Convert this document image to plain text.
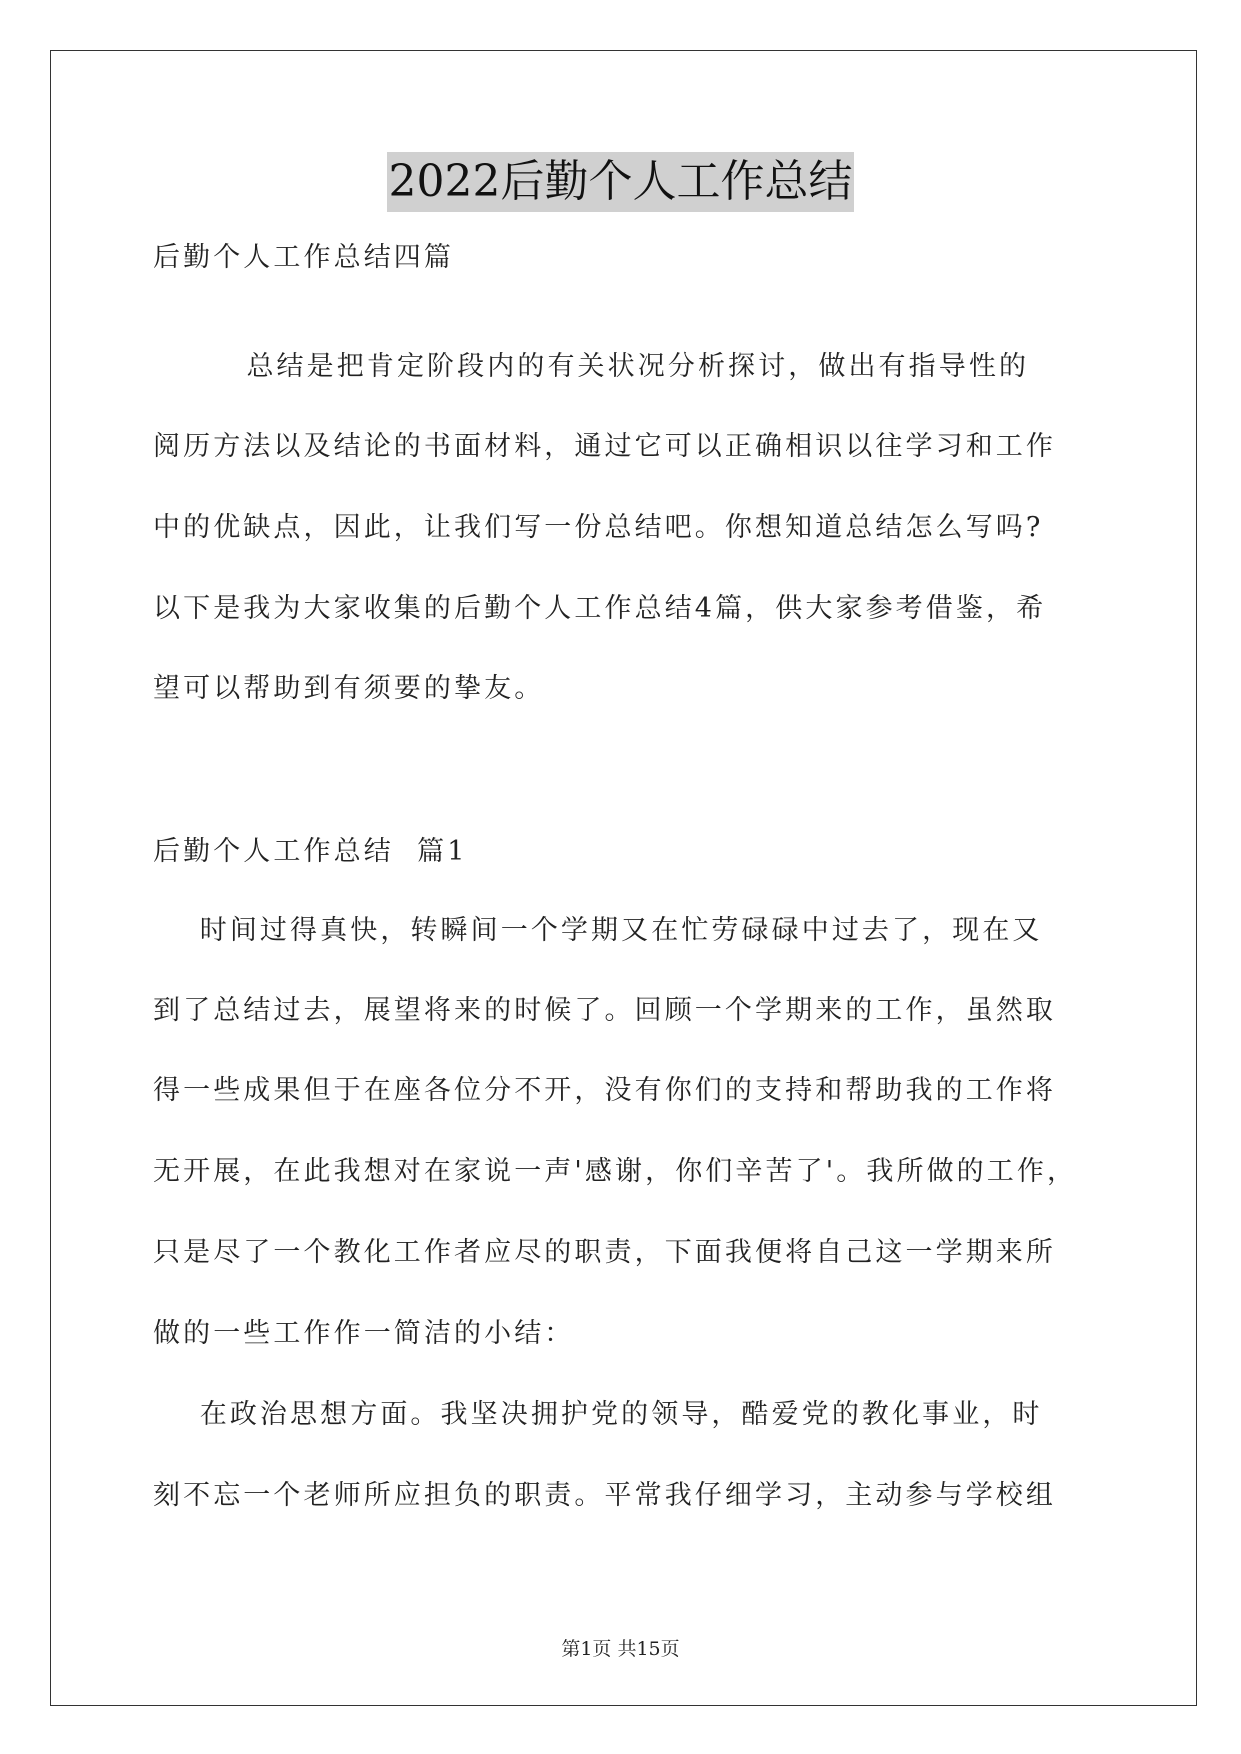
2022后勤个人工作总结
后勤个人工作总结四篇
总结是把肯定阶段内的有关状况分析探讨，做出有指导性的
阅历方法以及结论的书面材料，通过它可以正确相识以往学习和工作
中的优缺点，因此，让我们写一份总结吧。你想知道总结怎么写吗?
以下是我为大家收集的后勤个人工作总结4篇，供大家参考借鉴，希
望可以帮助到有须要的挚友。
后勤个人工作总结  篇1
时间过得真快，转瞬间一个学期又在忙劳碌碌中过去了，现在又
到了总结过去，展望将来的时候了。回顾一个学期来的工作，虽然取
得一些成果但于在座各位分不开，没有你们的支持和帮助我的工作将
无开展，在此我想对在家说一声'感谢，你们辛苦了'。我所做的工作，
只是尽了一个教化工作者应尽的职责，下面我便将自己这一学期来所
做的一些工作作一简洁的小结：
在政治思想方面。我坚决拥护党的领导，酷爱党的教化事业，时
刻不忘一个老师所应担负的职责。平常我仔细学习，主动参与学校组
第1页 共15页
